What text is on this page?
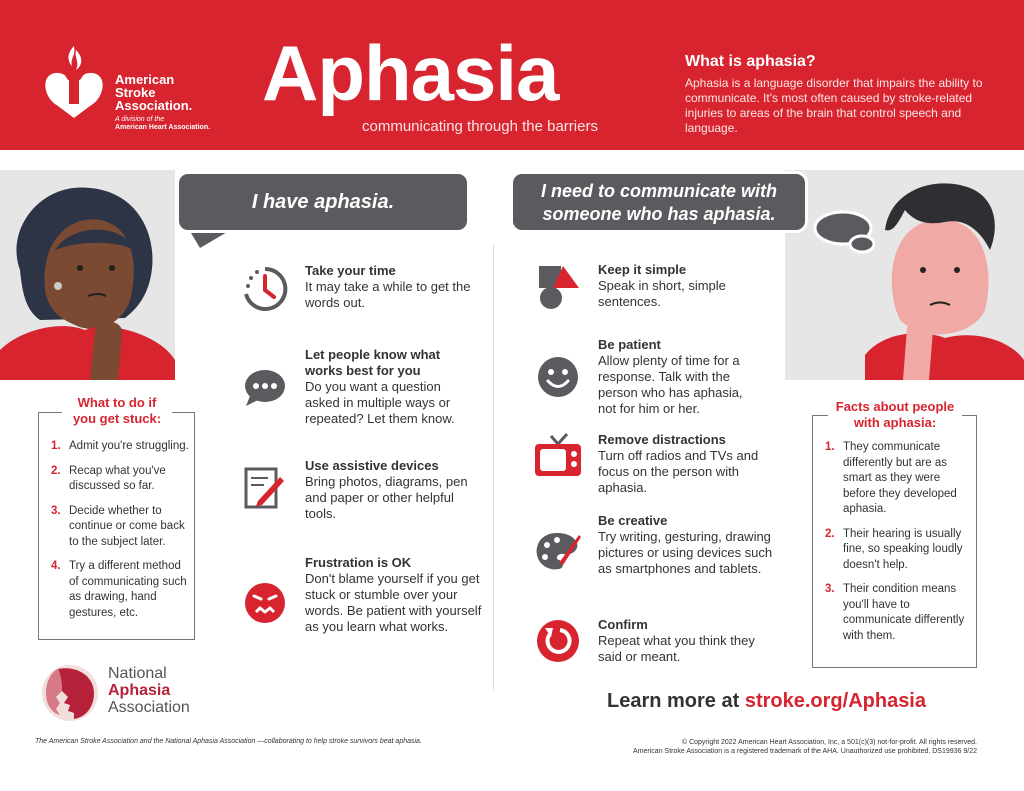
American Stroke Association.
A division of the
American Heart Association.
Aphasia
communicating through the barriers
What is aphasia?
Aphasia is a language disorder that impairs the ability to communicate. It's most often caused by stroke-related injuries to areas of the brain that control speech and language.
I have aphasia.	I need to communicate with someone who has aphasia.
Take your time
It may take a while to get the words out.
Let people know what works best for you
Do you want a question asked in multiple ways or repeated? Let them know.
Use assistive devices
Bring photos, diagrams, pen and paper or other helpful tools.
Frustration is OK
Don't blame yourself if you get stuck or stumble over your words. Be patient with yourself as you learn what works.
Keep it simple
Speak in short, simple sentences.
Be patient
Allow plenty of time for a response. Talk with the person who has aphasia, not for him or her.
Remove distractions
Turn off radios and TVs and focus on the person with aphasia.
Be creative
Try writing, gesturing, drawing pictures or using devices such as smartphones and tablets.
Confirm
Repeat what you think they said or meant.
1. Admit you're struggling.
2. Recap what you've discussed so far.
3. Decide whether to continue or come back to the subject later.
4. Try a different method of communicating such as drawing, hand gestures, etc.
What to do if you get stuck:
1. They communicate differently but are as smart as they were before they developed aphasia.
2. Their hearing is usually fine, so speaking loudly doesn't help.
3. Their condition means you'll have to communicate differently with them.
Facts about people with aphasia:
National
Aphasia
Association	Learn more at stroke.org/Aphasia
The American Stroke Association and the National Aphasia Association —collaborating to help stroke survivors beat aphasia.	© Copyright 2022 American Heart Association, Inc, a 501(c)(3) not-for-profit. All rights reserved.
American Stroke Association is a registered trademark of the AHA. Unauthorized use prohibited. DS19936 9/22
